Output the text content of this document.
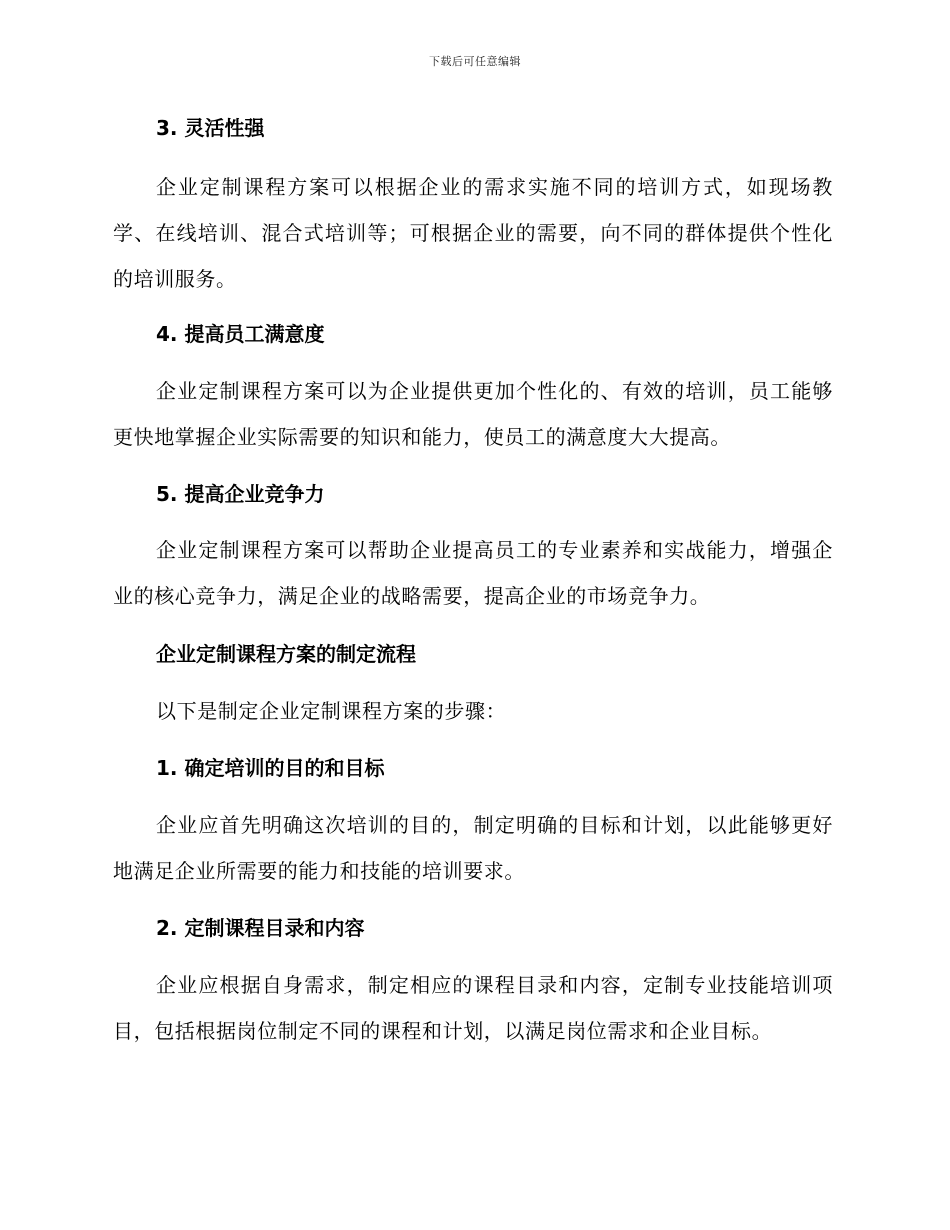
下载后可任意编辑
3. 灵活性强
企业定制课程方案可以根据企业的需求实施不同的培训方式，如现场教学、在线培训、混合式培训等；可根据企业的需要，向不同的群体提供个性化的培训服务。
4. 提高员工满意度
企业定制课程方案可以为企业提供更加个性化的、有效的培训，员工能够更快地掌握企业实际需要的知识和能力，使员工的满意度大大提高。
5. 提高企业竞争力
企业定制课程方案可以帮助企业提高员工的专业素养和实战能力，增强企业的核心竞争力，满足企业的战略需要，提高企业的市场竞争力。
企业定制课程方案的制定流程
以下是制定企业定制课程方案的步骤：
1. 确定培训的目的和目标
企业应首先明确这次培训的目的，制定明确的目标和计划，以此能够更好地满足企业所需要的能力和技能的培训要求。
2. 定制课程目录和内容
企业应根据自身需求，制定相应的课程目录和内容，定制专业技能培训项目，包括根据岗位制定不同的课程和计划，以满足岗位需求和企业目标。
